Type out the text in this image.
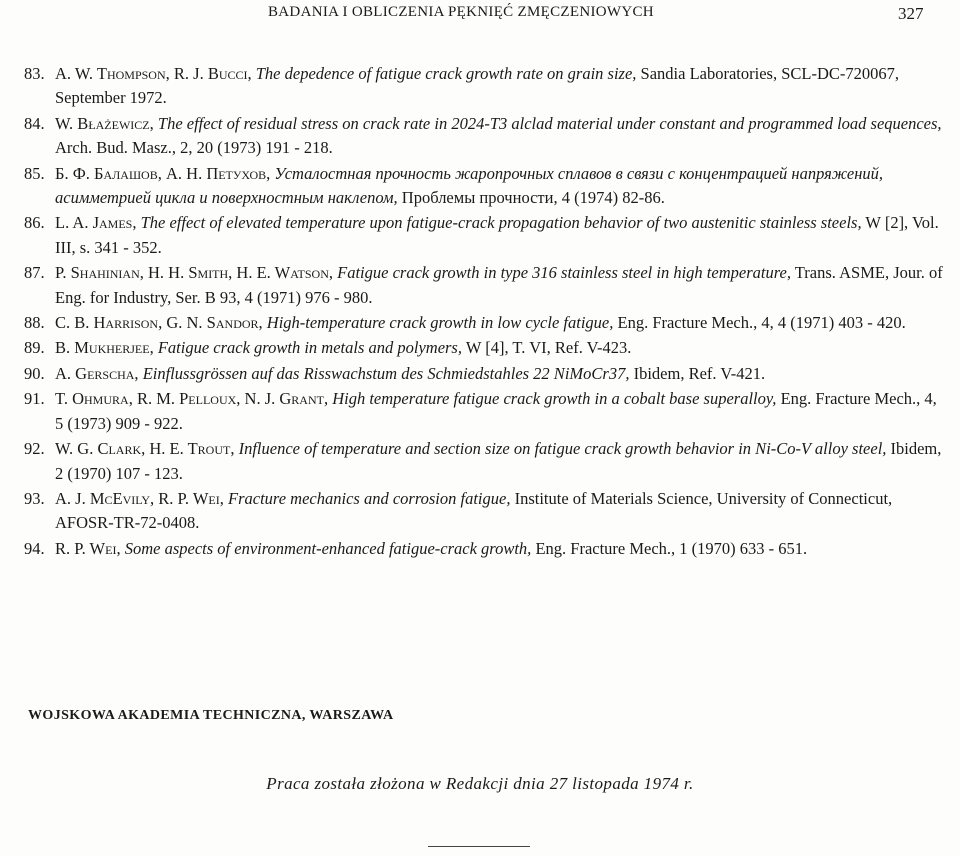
BADANIA I OBLICZENIA PĘKNIĘĆ ZMĘCZENIOWYCH	327

83. A. W. Thompson, R. J. Bucci, The depedence of fatigue crack growth rate on grain size, Sandia Laboratories, SCL-DC-720067, September 1972.

84. W. Błażewicz, The effect of residual stress on crack rate in 2024-T3 alclad material under constant and programmed load sequences, Arch. Bud. Masz., 2, 20 (1973) 191 - 218.

85. Б. Ф. Балашов, А. Н. Петухов, Усталостная прочность жаропрочных сплавов в связи с концентрацией напряжений, асимметрией цикла и поверхностным наклепом, Проблемы прочности, 4 (1974) 82-86.

86. L. A. James, The effect of elevated temperature upon fatigue-crack propagation behavior of two austenitic stainless steels, W [2], Vol. III, s. 341 - 352.

87. P. Shahinian, H. H. Smith, H. E. Watson, Fatigue crack growth in type 316 stainless steel in high temperature, Trans. ASME, Jour. of Eng. for Industry, Ser. B 93, 4 (1971) 976 - 980.

88. C. B. Harrison, G. N. Sandor, High-temperature crack growth in low cycle fatigue, Eng. Fracture Mech., 4, 4 (1971) 403 - 420.

89. B. Mukherjee, Fatigue crack growth in metals and polymers, W [4], T. VI, Ref. V-423.

90. A. Gerscha, Einflussgrössen auf das Risswachstum des Schmiedstahles 22 NiMoCr37, Ibidem, Ref. V-421.

91. T. Ohmura, R. M. Pelloux, N. J. Grant, High temperature fatigue crack growth in a cobalt base superalloy, Eng. Fracture Mech., 4, 5 (1973) 909 - 922.

92. W. G. Clark, H. E. Trout, Influence of temperature and section size on fatigue crack growth behavior in Ni-Co-V alloy steel, Ibidem, 2 (1970) 107 - 123.

93. A. J. McEvily, R. P. Wei, Fracture mechanics and corrosion fatigue, Institute of Materials Science, University of Connecticut, AFOSR-TR-72-0408.

94. R. P. Wei, Some aspects of environment-enhanced fatigue-crack growth, Eng. Fracture Mech., 1 (1970) 633 - 651.

WOJSKOWA AKADEMIA TECHNICZNA, WARSZAWA
Praca została złożona w Redakcji dnia 27 listopada 1974 r.
